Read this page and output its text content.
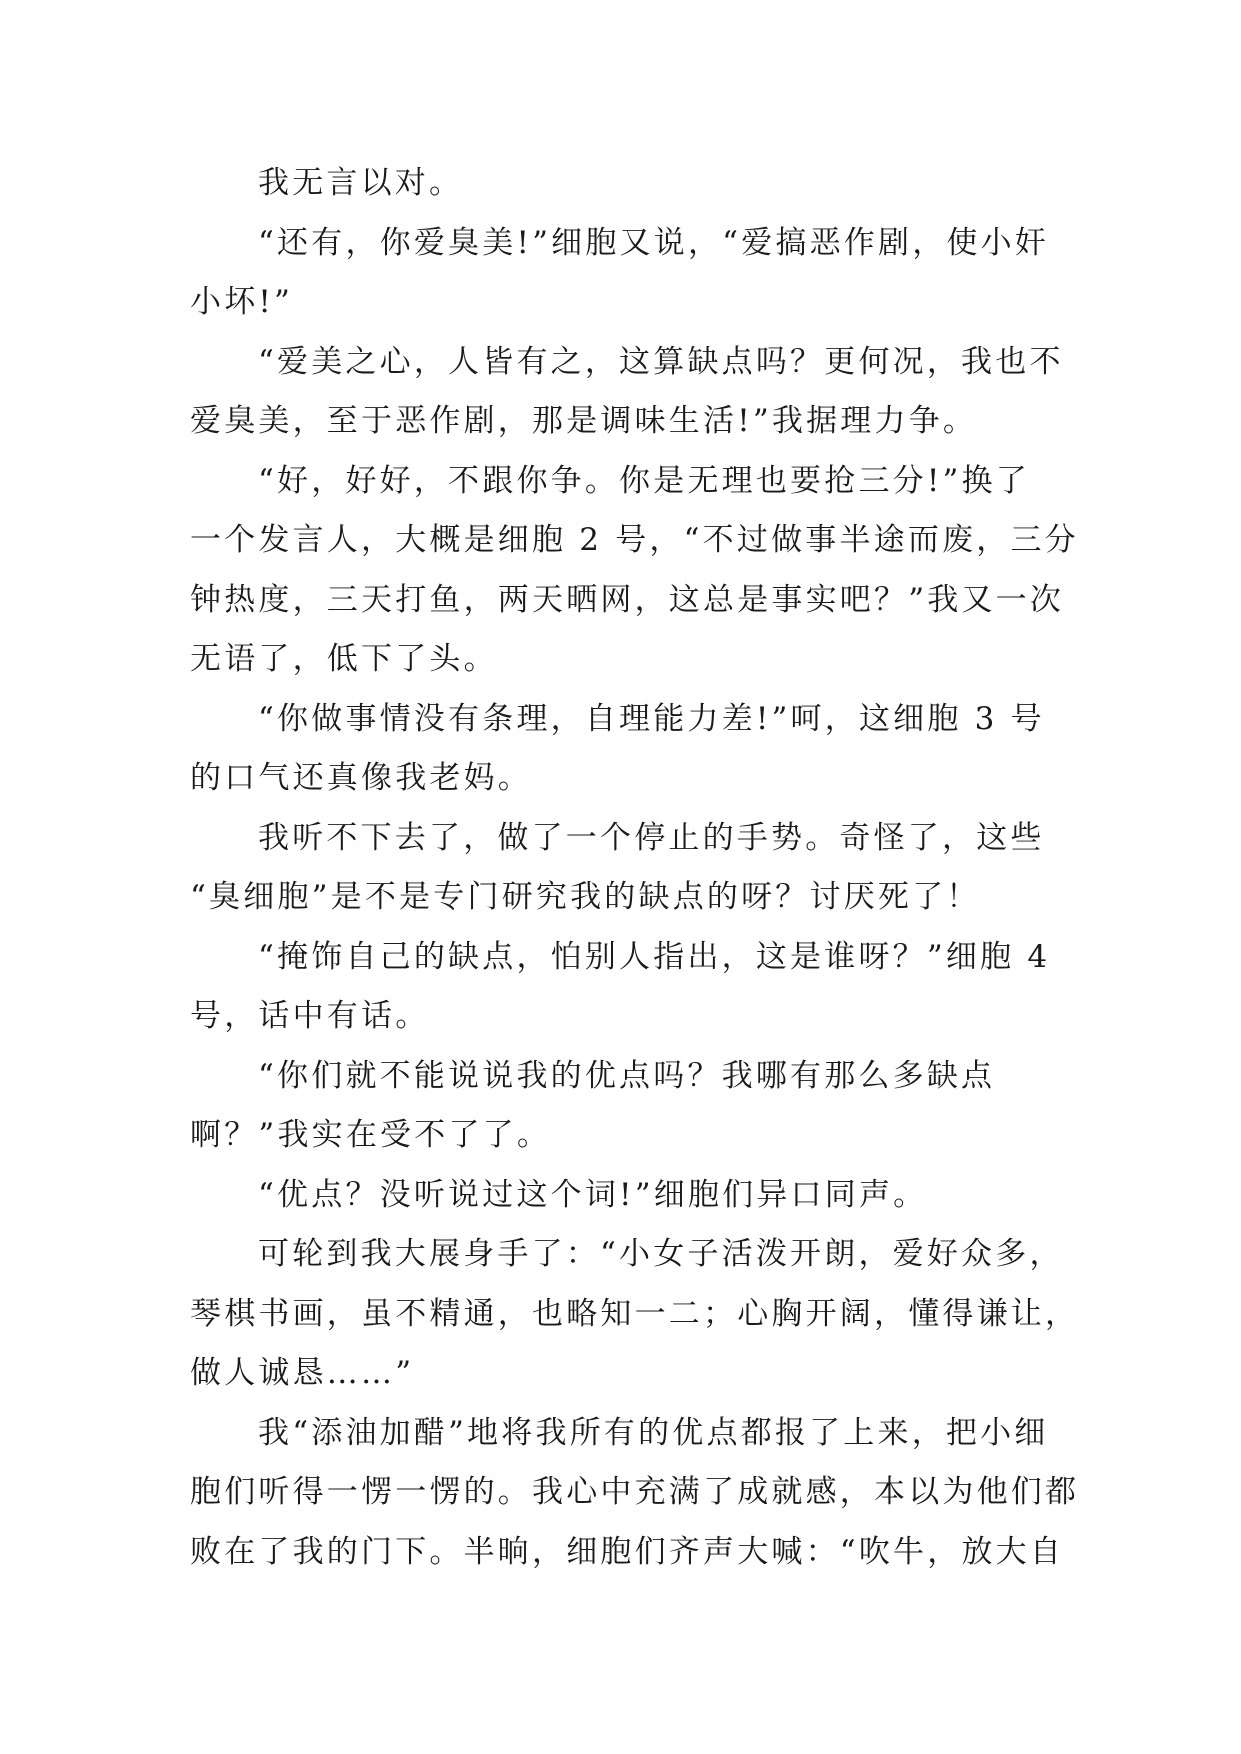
我无言以对。
“还有，你爱臭美!”细胞又说，“爱搞恶作剧，使小奸
小坏!”
“爱美之心，人皆有之，这算缺点吗？更何况，我也不
爱臭美，至于恶作剧，那是调味生活!”我据理力争。
“好，好好，不跟你争。你是无理也要抢三分!”换了
一个发言人，大概是细胞 2 号，“不过做事半途而废，三分
钟热度，三天打鱼，两天晒网，这总是事实吧？”我又一次
无语了，低下了头。
“你做事情没有条理，自理能力差!”呵，这细胞 3 号
的口气还真像我老妈。
我听不下去了，做了一个停止的手势。奇怪了，这些
“臭细胞”是不是专门研究我的缺点的呀？讨厌死了！
“掩饰自己的缺点，怕别人指出，这是谁呀？”细胞 4
号，话中有话。
“你们就不能说说我的优点吗？我哪有那么多缺点
啊？”我实在受不了了。
“优点？没听说过这个词!”细胞们异口同声。
可轮到我大展身手了：“小女子活泼开朗，爱好众多，
琴棋书画，虽不精通，也略知一二；心胸开阔，懂得谦让，
做人诚恳……”
我“添油加醋”地将我所有的优点都报了上来，把小细
胞们听得一愣一愣的。我心中充满了成就感，本以为他们都
败在了我的门下。半晌，细胞们齐声大喊：“吹牛，放大自
